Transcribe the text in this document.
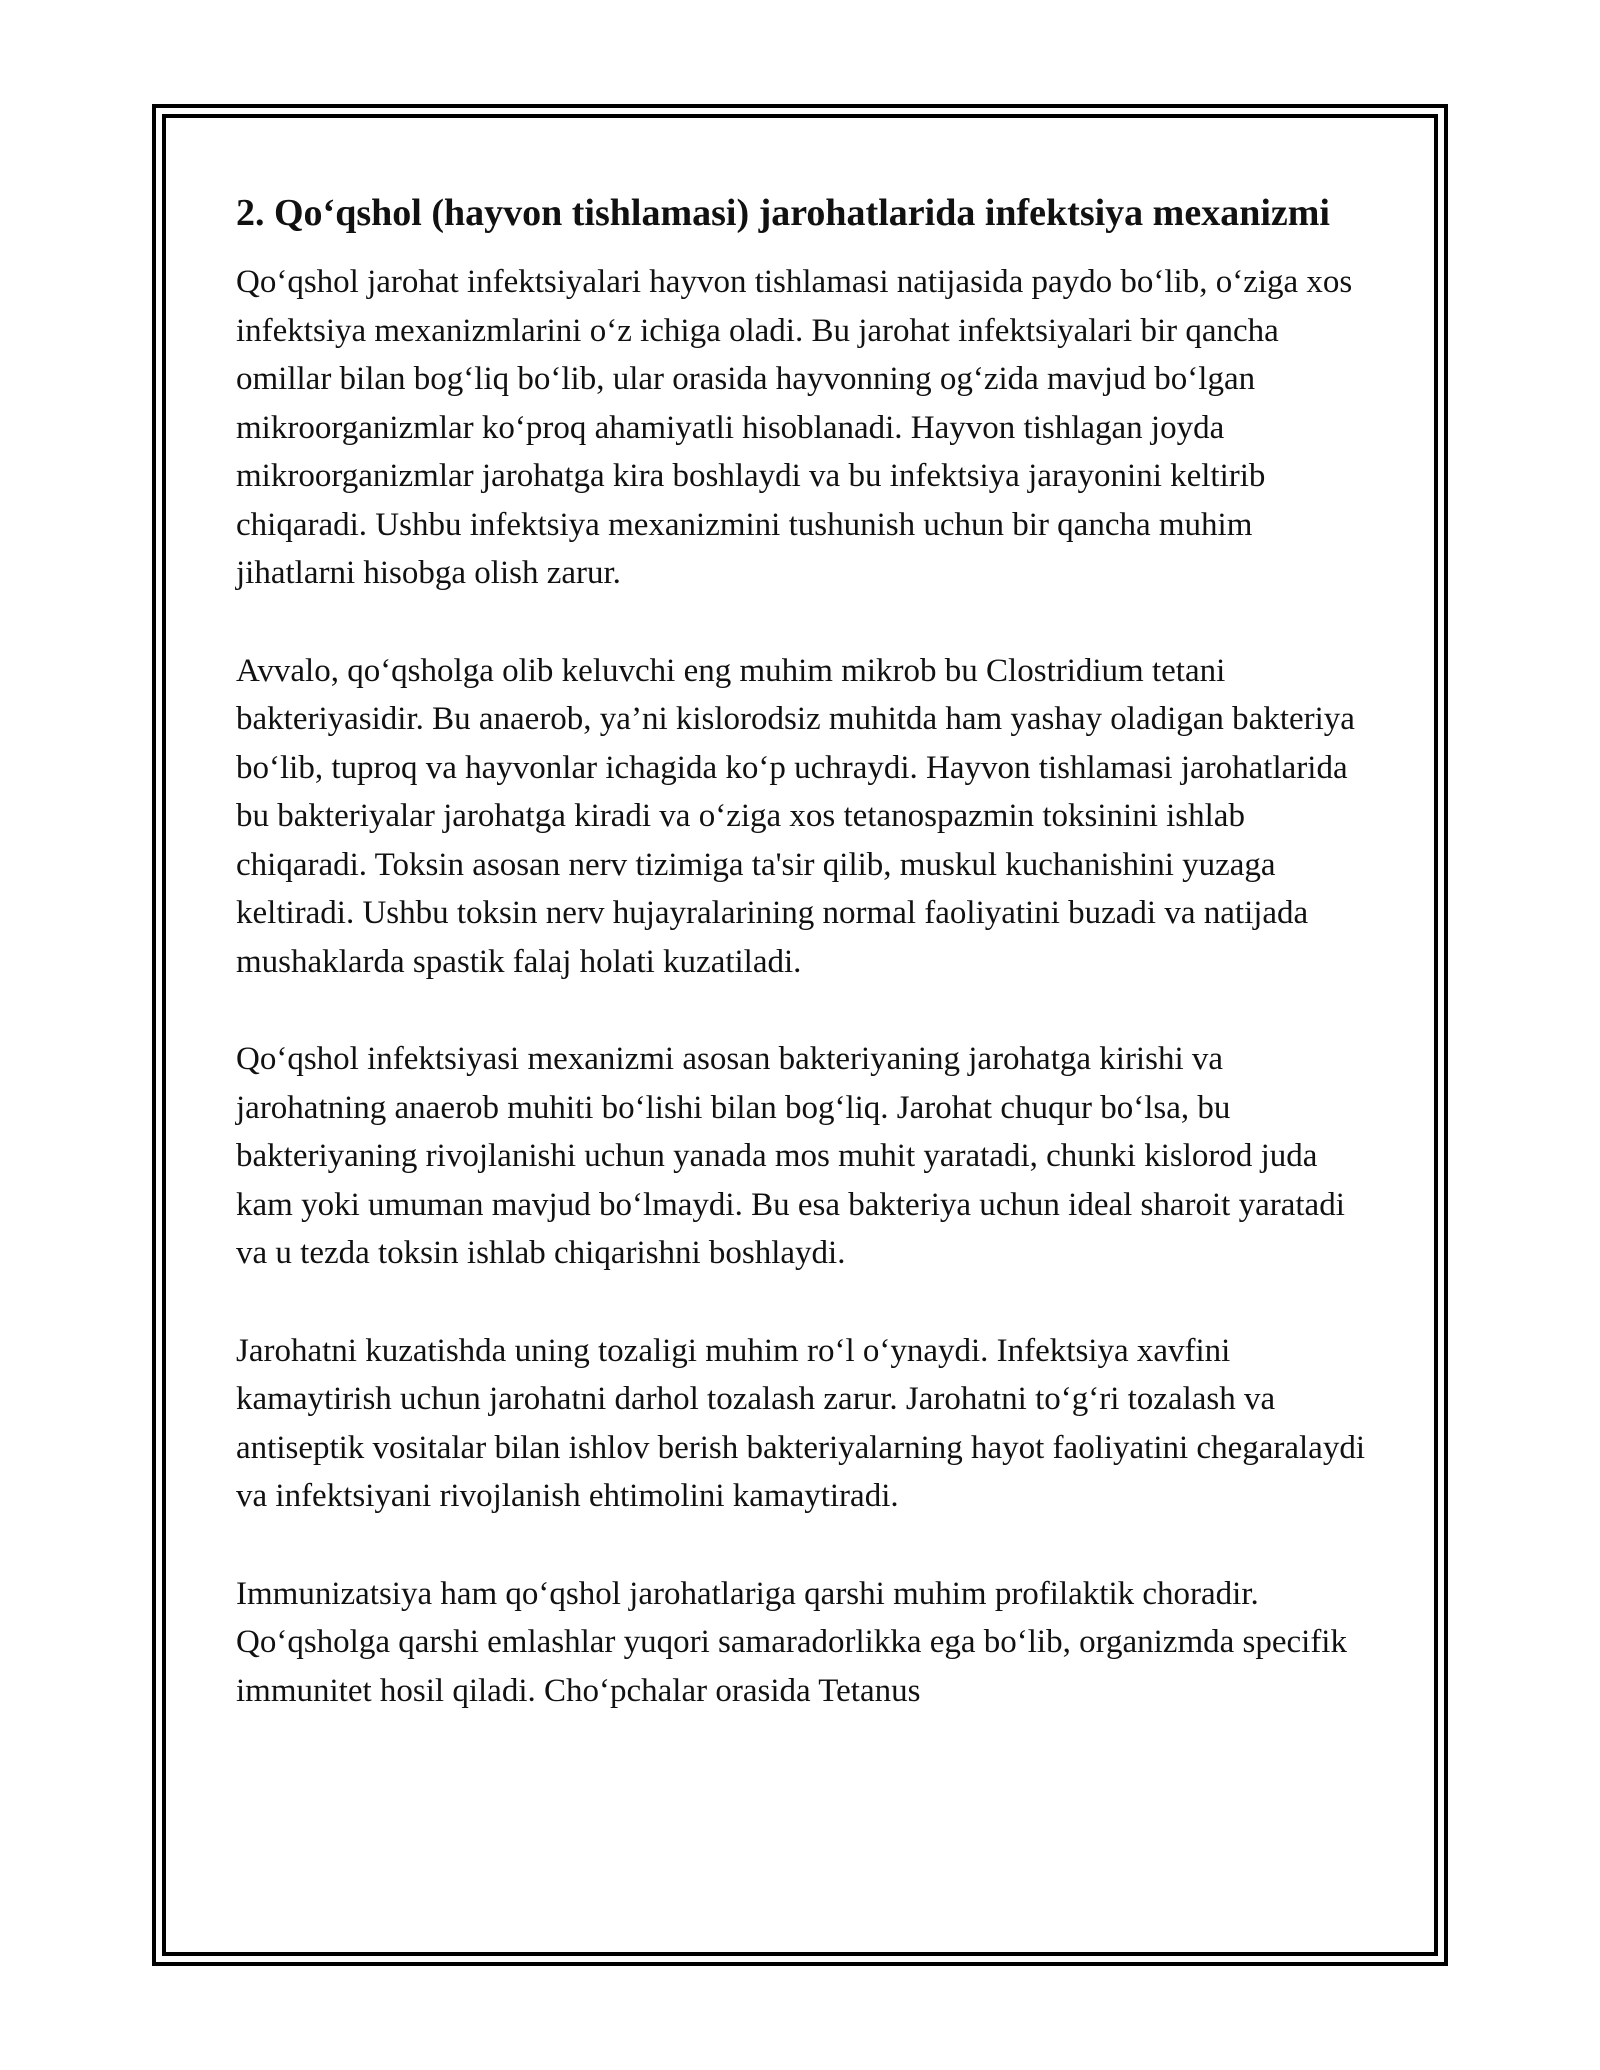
2. Qo‘qshol (hayvon tishlamasi) jarohatlarida infektsiya mexanizmi

Qo‘qshol jarohat infektsiyalari hayvon tishlamasi natijasida paydo bo‘lib, o‘ziga xos infektsiya mexanizmlarini o‘z ichiga oladi. Bu jarohat infektsiyalari bir qancha omillar bilan bog‘liq bo‘lib, ular orasida hayvonning og‘zida mavjud bo‘lgan mikroorganizmlar ko‘proq ahamiyatli hisoblanadi. Hayvon tishlagan joyda mikroorganizmlar jarohatga kira boshlaydi va bu infektsiya jarayonini keltirib chiqaradi. Ushbu infektsiya mexanizmini tushunish uchun bir qancha muhim jihatlarni hisobga olish zarur.

Avvalo, qo‘qsholga olib keluvchi eng muhim mikrob bu Clostridium tetani bakteriyasidir. Bu anaerob, ya’ni kislorodsiz muhitda ham yashay oladigan bakteriya bo‘lib, tuproq va hayvonlar ichagida ko‘p uchraydi. Hayvon tishlamasi jarohatlarida bu bakteriyalar jarohatga kiradi va o‘ziga xos tetanospazmin toksinini ishlab chiqaradi. Toksin asosan nerv tizimiga ta'sir qilib, muskul kuchanishini yuzaga keltiradi. Ushbu toksin nerv hujayralarining normal faoliyatini buzadi va natijada mushaklarda spastik falaj holati kuzatiladi.

Qo‘qshol infektsiyasi mexanizmi asosan bakteriyaning jarohatga kirishi va jarohatning anaerob muhiti bo‘lishi bilan bog‘liq. Jarohat chuqur bo‘lsa, bu bakteriyaning rivojlanishi uchun yanada mos muhit yaratadi, chunki kislorod juda kam yoki umuman mavjud bo‘lmaydi. Bu esa bakteriya uchun ideal sharoit yaratadi va u tezda toksin ishlab chiqarishni boshlaydi.

Jarohatni kuzatishda uning tozaligi muhim ro‘l o‘ynaydi. Infektsiya xavfini kamaytirish uchun jarohatni darhol tozalash zarur. Jarohatni to‘g‘ri tozalash va antiseptik vositalar bilan ishlov berish bakteriyalarning hayot faoliyatini chegaralaydi va infektsiyani rivojlanish ehtimolini kamaytiradi.

Immunizatsiya ham qo‘qshol jarohatlariga qarshi muhim profilaktik choradir. Qo‘qsholga qarshi emlashlar yuqori samaradorlikka ega bo‘lib, organizmda specifik immunitet hosil qiladi. Cho‘pchalar orasida Tetanus
